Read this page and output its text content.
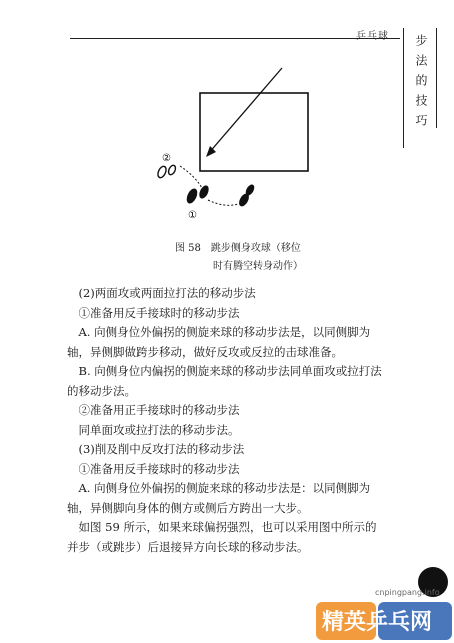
乒乓球 步法的技巧
②
①
图 58　跳步侧身攻球（移位
时有腾空转身动作）

(2)两面攻或两面拉打法的移动步法

①准备用反手接球时的移动步法

A. 向侧身位外偏拐的侧旋来球的移动步法是，以同侧脚为轴，异侧脚做跨步移动，做好反攻或反拉的击球准备。

B. 向侧身位内偏拐的侧旋来球的移动步法同单面攻或拉打法的移动步法。

②准备用正手接球时的移动步法

同单面攻或拉打法的移动步法。

(3)削及削中反攻打法的移动步法

①准备用反手接球时的移动步法

A. 向侧身位外偏拐的侧旋来球的移动步法是：以同侧脚为轴，异侧脚向身体的侧方或侧后方跨出一大步。

如图 59 所示，如果来球偏拐强烈，也可以采用图中所示的并步（或跳步）后退接异方向长球的移动步法。

cnpingpang.info
精英乒乓网
